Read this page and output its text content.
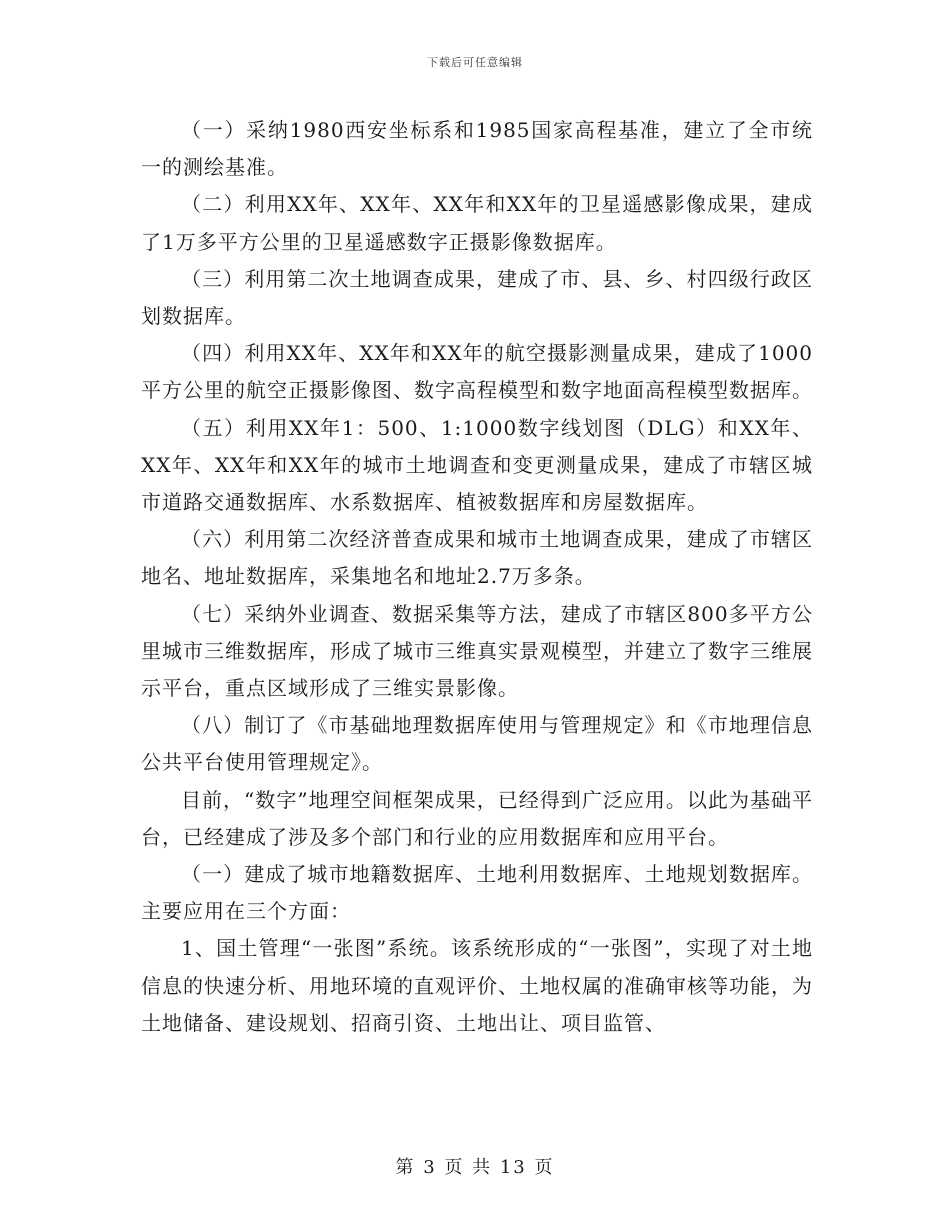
下载后可任意编辑

（一）采纳1980西安坐标系和1985国家高程基准，建立了全市统一的测绘基准。

（二）利用XX年、XX年、XX年和XX年的卫星遥感影像成果，建成了1万多平方公里的卫星遥感数字正摄影像数据库。

（三）利用第二次土地调查成果，建成了市、县、乡、村四级行政区划数据库。

（四）利用XX年、XX年和XX年的航空摄影测量成果，建成了1000平方公里的航空正摄影像图、数字高程模型和数字地面高程模型数据库。

（五）利用XX年1：500、1:1000数字线划图（DLG）和XX年、XX年、XX年和XX年的城市土地调查和变更测量成果，建成了市辖区城市道路交通数据库、水系数据库、植被数据库和房屋数据库。

（六）利用第二次经济普查成果和城市土地调查成果，建成了市辖区地名、地址数据库，采集地名和地址2.7万多条。

（七）采纳外业调查、数据采集等方法，建成了市辖区800多平方公里城市三维数据库，形成了城市三维真实景观模型，并建立了数字三维展示平台，重点区域形成了三维实景影像。

（八）制订了《市基础地理数据库使用与管理规定》和《市地理信息公共平台使用管理规定》。

目前，“数字”地理空间框架成果，已经得到广泛应用。以此为基础平台，已经建成了涉及多个部门和行业的应用数据库和应用平台。

（一）建成了城市地籍数据库、土地利用数据库、土地规划数据库。主要应用在三个方面：

1、国土管理“一张图”系统。该系统形成的“一张图”，实现了对土地信息的快速分析、用地环境的直观评价、土地权属的准确审核等功能，为土地储备、建设规划、招商引资、土地出让、项目监管、

第 3 页 共 13 页
